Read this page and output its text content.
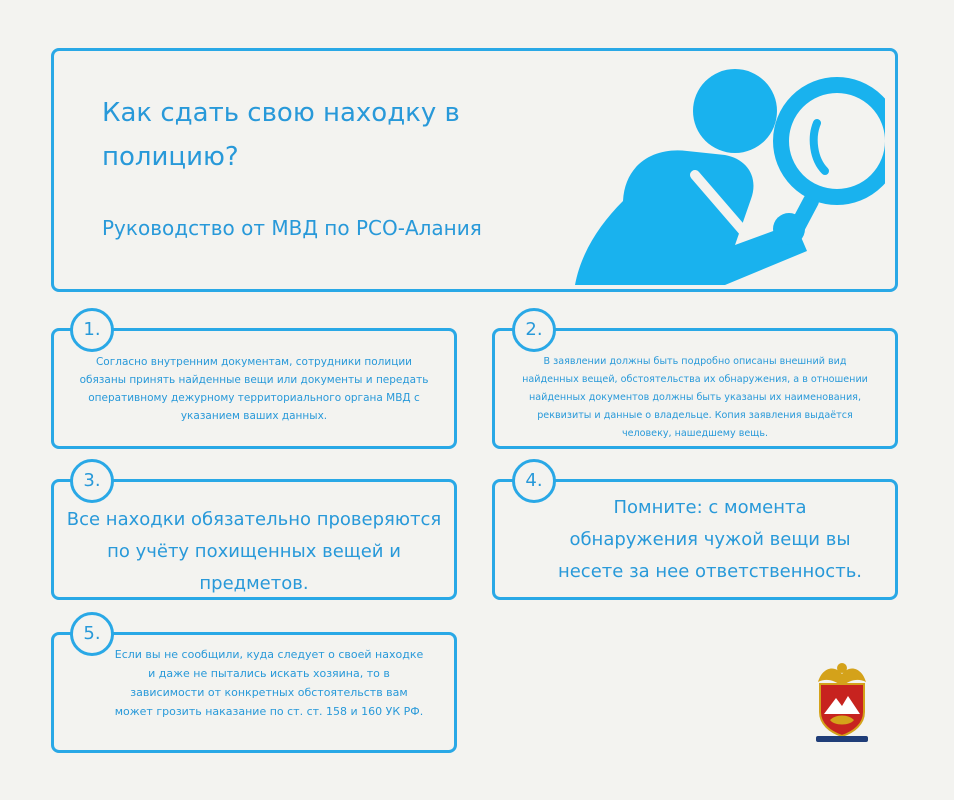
Как сдать свою находку в полицию?

Руководство от МВД по РСО-Алания

Согласно внутренним документам, сотрудники полиции обязаны принять найденные вещи или документы и передать оперативному дежурному территориального органа МВД с указанием ваших данных.

1.

В заявлении должны быть подробно описаны внешний вид найденных вещей, обстоятельства их обнаружения, а в отношении найденных документов должны быть указаны их наименования, реквизиты и данные о владельце. Копия заявления выдаётся человеку, нашедшему вещь.

2.

Все находки обязательно проверяются по учёту похищенных вещей и предметов.

3.

Помните: с момента обнаружения чужой вещи вы несете за нее ответственность.

4.

Если вы не сообщили, куда следует о своей находке и даже не пытались искать хозяина, то в зависимости от конкретных обстоятельств вам может грозить наказание по ст. ст. 158 и 160 УК РФ.

5.
